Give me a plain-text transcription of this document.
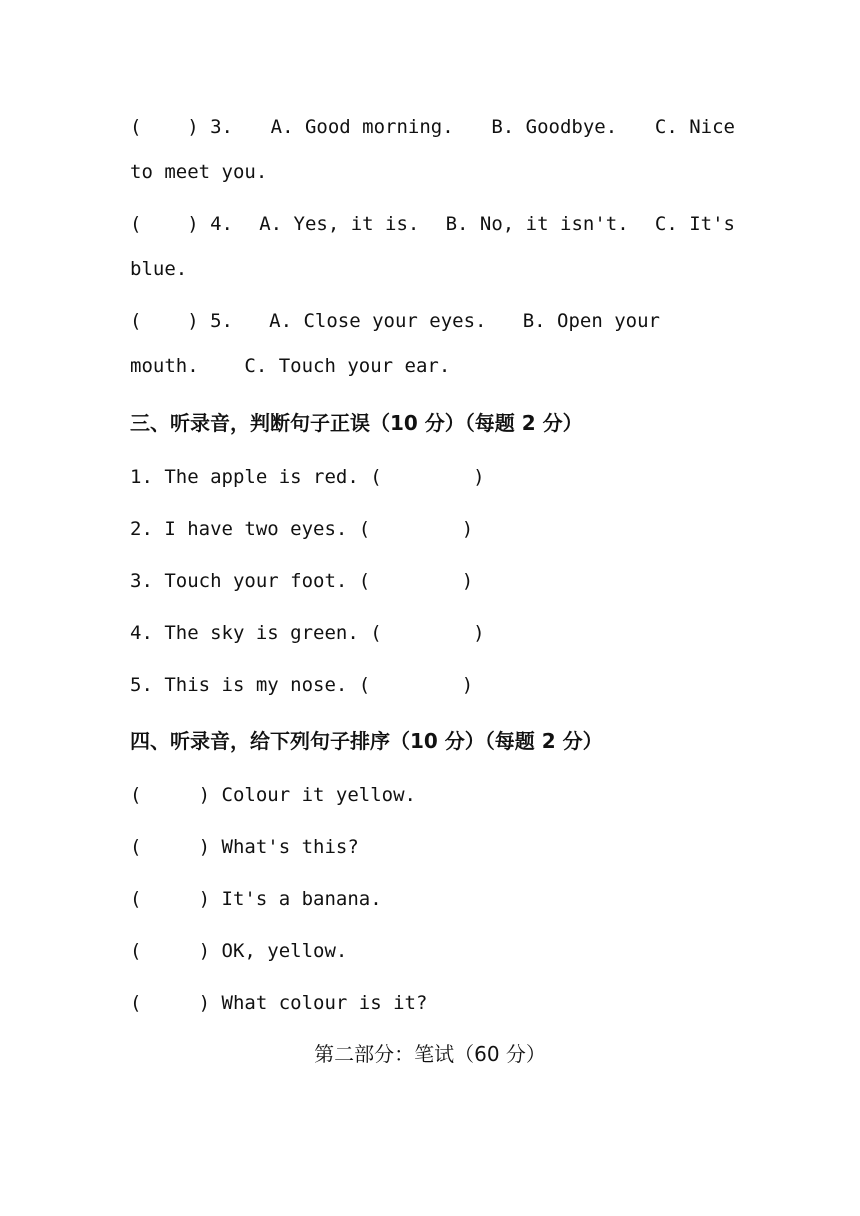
(    ) 3. A. Good morning. B. Goodbye. C. Nice
to meet you.
(    ) 4. A. Yes, it is. B. No, it isn't. C. It's
blue.
(    ) 5. A. Close your eyes. B. Open your
mouth.    C. Touch your ear.
三、听录音，判断句子正误（10 分）（每题 2 分）
1. The apple is red. (        )
2. I have two eyes. (        )
3. Touch your foot. (        )
4. The sky is green. (        )
5. This is my nose. (        )
四、听录音，给下列句子排序（10 分）（每题 2 分）
(     ) Colour it yellow.
(     ) What's this?
(     ) It's a banana.
(     ) OK, yellow.
(     ) What colour is it?
第二部分：笔试（60 分）
